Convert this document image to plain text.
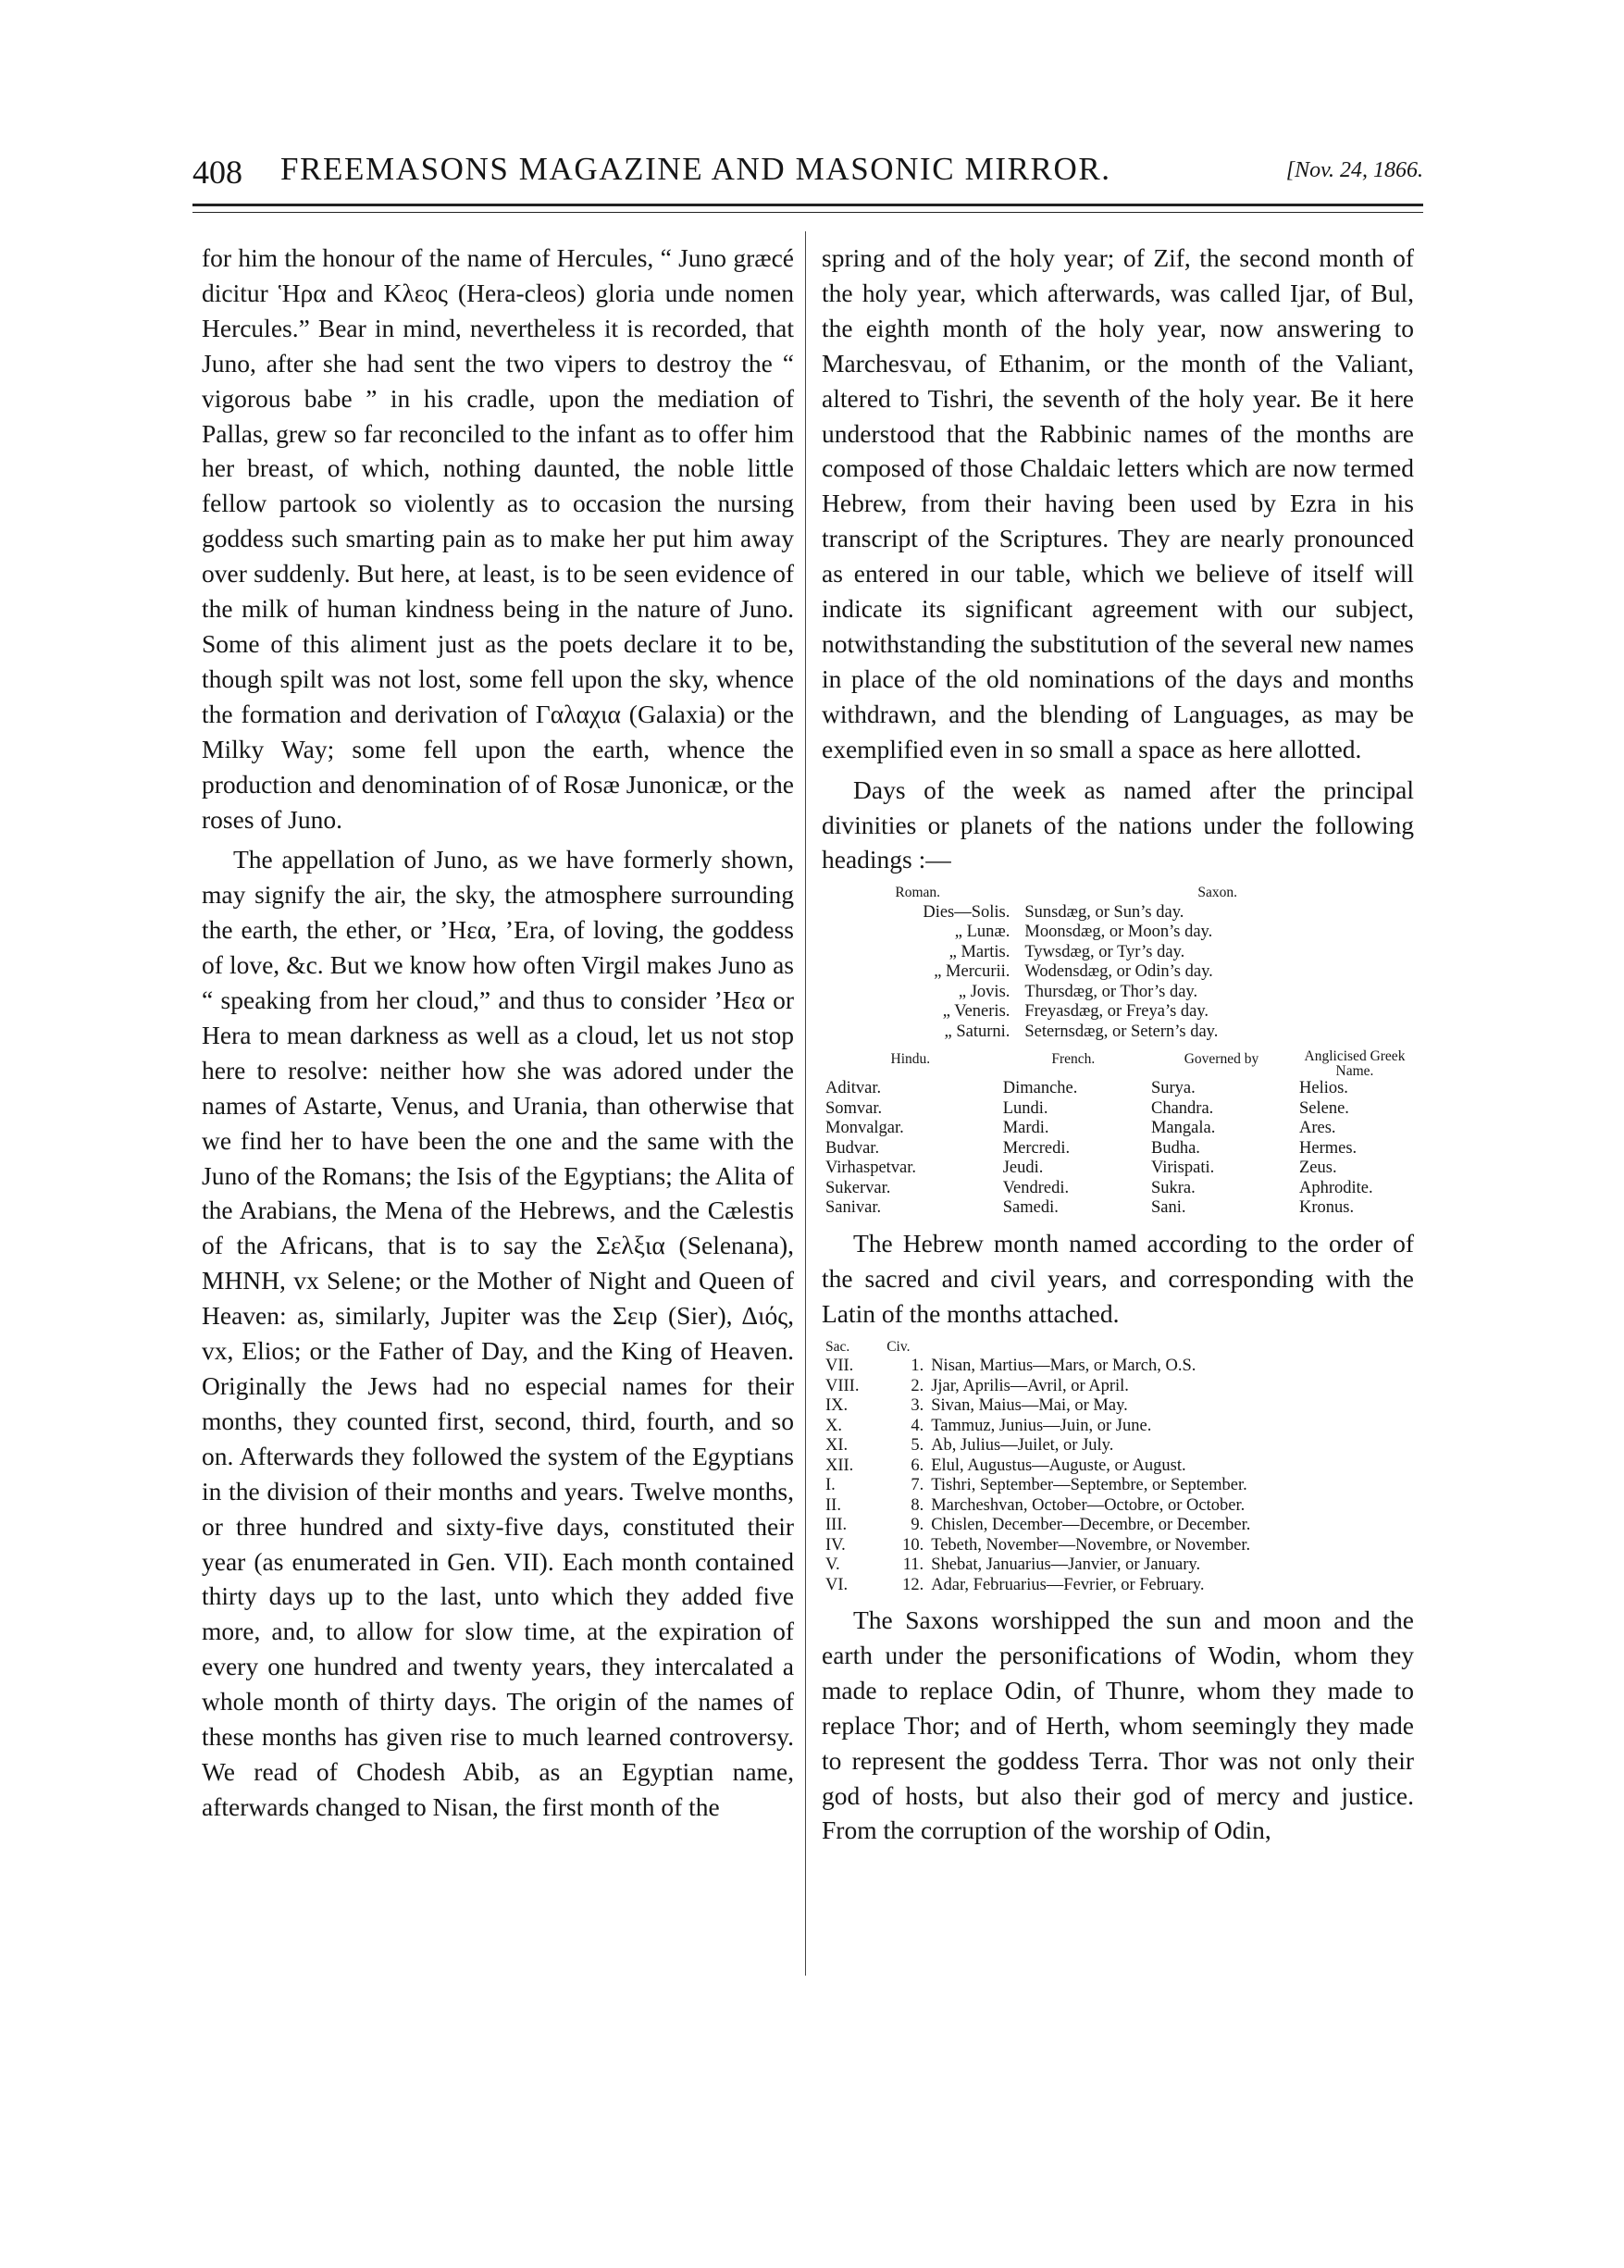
408 FREEMASONS MAGAZINE AND MASONIC MIRROR.	[Nov. 24, 1866.

for him the honour of the name of Hercules, “ Juno græcé dicitur Ἡρα and Κλεος (Hera-cleos) gloria unde nomen Hercules.” Bear in mind, nevertheless it is recorded, that Juno, after she had sent the two vipers to destroy the “ vigorous babe ” in his cradle, upon the mediation of Pallas, grew so far reconciled to the infant as to offer him her breast, of which, nothing daunted, the noble little fellow partook so violently as to occasion the nursing goddess such smarting pain as to make her put him away over suddenly. But here, at least, is to be seen evidence of the milk of human kindness being in the nature of Juno. Some of this aliment just as the poets declare it to be, though spilt was not lost, some fell upon the sky, whence the formation and derivation of Γαλαχια (Galaxia) or the Milky Way; some fell upon the earth, whence the production and denomination of of Rosæ Junonicæ, or the roses of Juno.

The appellation of Juno, as we have formerly shown, may signify the air, the sky, the atmosphere surrounding the earth, the ether, or ’Ηεα, ’Era, of loving, the goddess of love, &c. But we know how often Virgil makes Juno as “ speaking from her cloud,” and thus to consider ’Ηεα or Hera to mean darkness as well as a cloud, let us not stop here to resolve: neither how she was adored under the names of Astarte, Venus, and Urania, than otherwise that we find her to have been the one and the same with the Juno of the Romans; the Isis of the Egyptians; the Alita of the Arabians, the Mena of the Hebrews, and the Cælestis of the Africans, that is to say the Σελξια (Selenana), ΜΗΝΗ, vx Selene; or the Mother of Night and Queen of Heaven: as, similarly, Jupiter was the Σειρ (Sier), Διός, vx, Elios; or the Father of Day, and the King of Heaven. Originally the Jews had no especial names for their months, they counted first, second, third, fourth, and so on. Afterwards they followed the system of the Egyptians in the division of their months and years. Twelve months, or three hundred and sixty-five days, constituted their year (as enumerated in Gen. VII). Each month contained thirty days up to the last, unto which they added five more, and, to allow for slow time, at the expiration of every one hundred and twenty years, they intercalated a whole month of thirty days. The origin of the names of these months has given rise to much learned controversy. We read of Chodesh Abib, as an Egyptian name, afterwards changed to Nisan, the first month of the

spring and of the holy year; of Zif, the second month of the holy year, which afterwards, was called Ijar, of Bul, the eighth month of the holy year, now answering to Marchesvau, of Ethanim, or the month of the Valiant, altered to Tishri, the seventh of the holy year. Be it here understood that the Rabbinic names of the months are composed of those Chaldaic letters which are now termed Hebrew, from their having been used by Ezra in his transcript of the Scriptures. They are nearly pronounced as entered in our table, which we believe of itself will indicate its significant agreement with our subject, notwithstanding the substitution of the several new names in place of the old nominations of the days and months withdrawn, and the blending of Languages, as may be exemplified even in so small a space as here allotted.

Days of the week as named after the principal divinities or planets of the nations under the following headings :—

Roman.	Saxon.
Dies—Solis.	Sunsdæg, or Sun’s day.
„ Lunæ.	Moonsdæg, or Moon’s day.
„ Martis.	Tywsdæg, or Tyr’s day.
„ Mercurii.	Wodensdæg, or Odin’s day.
„ Jovis.	Thursdæg, or Thor’s day.
„ Veneris.	Freyasdæg, or Freya’s day.
„ Saturni.	Seternsdæg, or Setern’s day.
Hindu.	French.	Governed by	Anglicised Greek Name.
Aditvar.	Dimanche.	Surya.	Helios.
Somvar.	Lundi.	Chandra.	Selene.
Monvalgar.	Mardi.	Mangala.	Ares.
Budvar.	Mercredi.	Budha.	Hermes.
Virhaspetvar.	Jeudi.	Virispati.	Zeus.
Sukervar.	Vendredi.	Sukra.	Aphrodite.
Sanivar.	Samedi.	Sani.	Kronus.

The Hebrew month named according to the order of the sacred and civil years, and corresponding with the Latin of the months attached.

Sac.	Civ.	
VII.	1.	Nisan, Martius—Mars, or March, O.S.
VIII.	2.	Jjar, Aprilis—Avril, or April.
IX.	3.	Sivan, Maius—Mai, or May.
X.	4.	Tammuz, Junius—Juin, or June.
XI.	5.	Ab, Julius—Juilet, or July.
XII.	6.	Elul, Augustus—Auguste, or August.
I.	7.	Tishri, September—Septembre, or September.
II.	8.	Marcheshvan, October—Octobre, or October.
III.	9.	Chislen, December—Decembre, or December.
IV.	10.	Tebeth, November—Novembre, or November.
V.	11.	Shebat, Januarius—Janvier, or January.
VI.	12.	Adar, Februarius—Fevrier, or February.

The Saxons worshipped the sun and moon and the earth under the personifications of Wodin, whom they made to replace Odin, of Thunre, whom they made to replace Thor; and of Herth, whom seemingly they made to represent the goddess Terra. Thor was not only their god of hosts, but also their god of mercy and justice. From the corruption of the worship of Odin,
